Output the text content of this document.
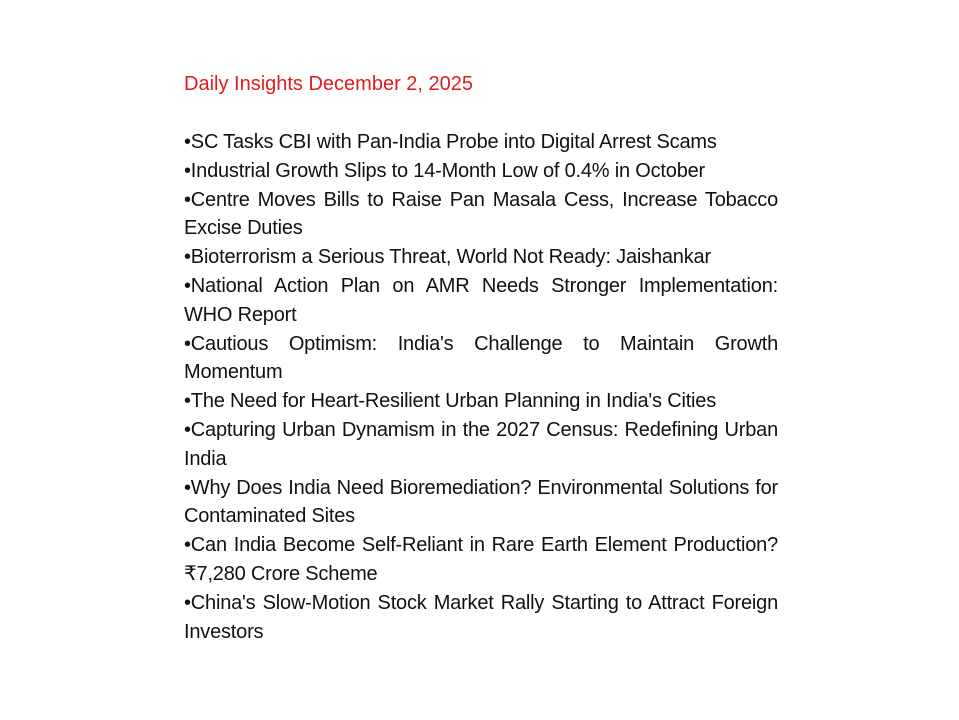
Daily Insights December 2, 2025
•SC Tasks CBI with Pan-India Probe into Digital Arrest Scams
•Industrial Growth Slips to 14-Month Low of 0.4% in October
•Centre Moves Bills to Raise Pan Masala Cess, Increase Tobacco Excise Duties
•Bioterrorism a Serious Threat, World Not Ready: Jaishankar
•National Action Plan on AMR Needs Stronger Implementation: WHO Report
•Cautious Optimism: India's Challenge to Maintain Growth Momentum
•The Need for Heart-Resilient Urban Planning in India's Cities
•Capturing Urban Dynamism in the 2027 Census: Redefining Urban India
•Why Does India Need Bioremediation? Environmental Solutions for Contaminated Sites
•Can India Become Self-Reliant in Rare Earth Element Production? ₹7,280 Crore Scheme
•China's Slow-Motion Stock Market Rally Starting to Attract Foreign Investors
